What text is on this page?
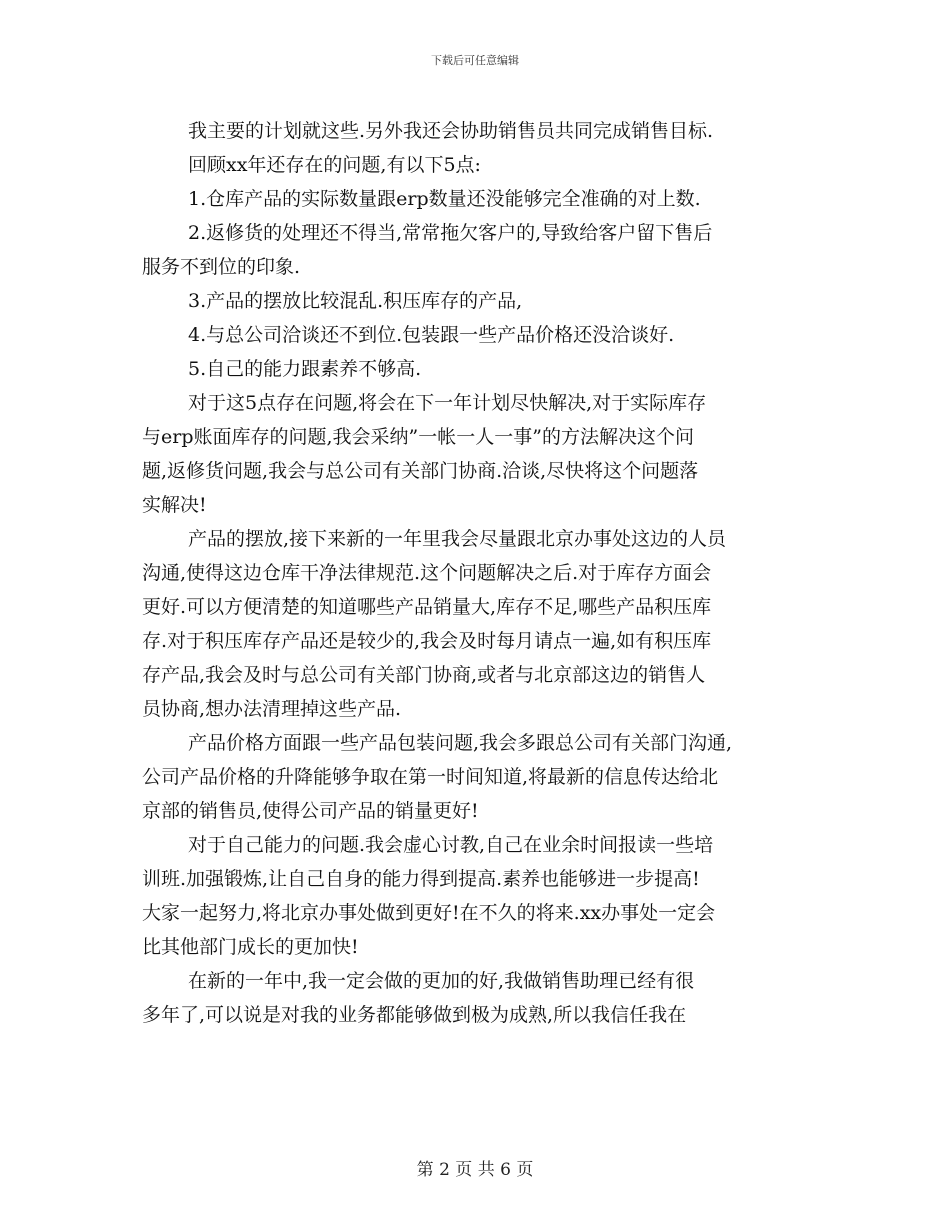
下载后可任意编辑
我主要的计划就这些.另外我还会协助销售员共同完成销售目标.
回顾xx年还存在的问题,有以下5点:
1.仓库产品的实际数量跟erp数量还没能够完全准确的对上数.
2.返修货的处理还不得当,常常拖欠客户的,导致给客户留下售后
服务不到位的印象.
3.产品的摆放比较混乱.积压库存的产品,
4.与总公司洽谈还不到位.包装跟一些产品价格还没洽谈好.
5.自己的能力跟素养不够高.
对于这5点存在问题,将会在下一年计划尽快解决,对于实际库存
与erp账面库存的问题,我会采纳”一帐一人一事”的方法解决这个问
题,返修货问题,我会与总公司有关部门协商.洽谈,尽快将这个问题落
实解决!
产品的摆放,接下来新的一年里我会尽量跟北京办事处这边的人员
沟通,使得这边仓库干净法律规范.这个问题解决之后.对于库存方面会
更好.可以方便清楚的知道哪些产品销量大,库存不足,哪些产品积压库
存.对于积压库存产品还是较少的,我会及时每月请点一遍,如有积压库
存产品,我会及时与总公司有关部门协商,或者与北京部这边的销售人
员协商,想办法清理掉这些产品.
产品价格方面跟一些产品包装问题,我会多跟总公司有关部门沟通,
公司产品价格的升降能够争取在第一时间知道,将最新的信息传达给北
京部的销售员,使得公司产品的销量更好!
对于自己能力的问题.我会虚心讨教,自己在业余时间报读一些培
训班.加强锻炼,让自己自身的能力得到提高.素养也能够进一步提高!
大家一起努力,将北京办事处做到更好!在不久的将来.xx办事处一定会
比其他部门成长的更加快!
在新的一年中,我一定会做的更加的好,我做销售助理已经有很
多年了,可以说是对我的业务都能够做到极为成熟,所以我信任我在
第 2 页 共 6 页
